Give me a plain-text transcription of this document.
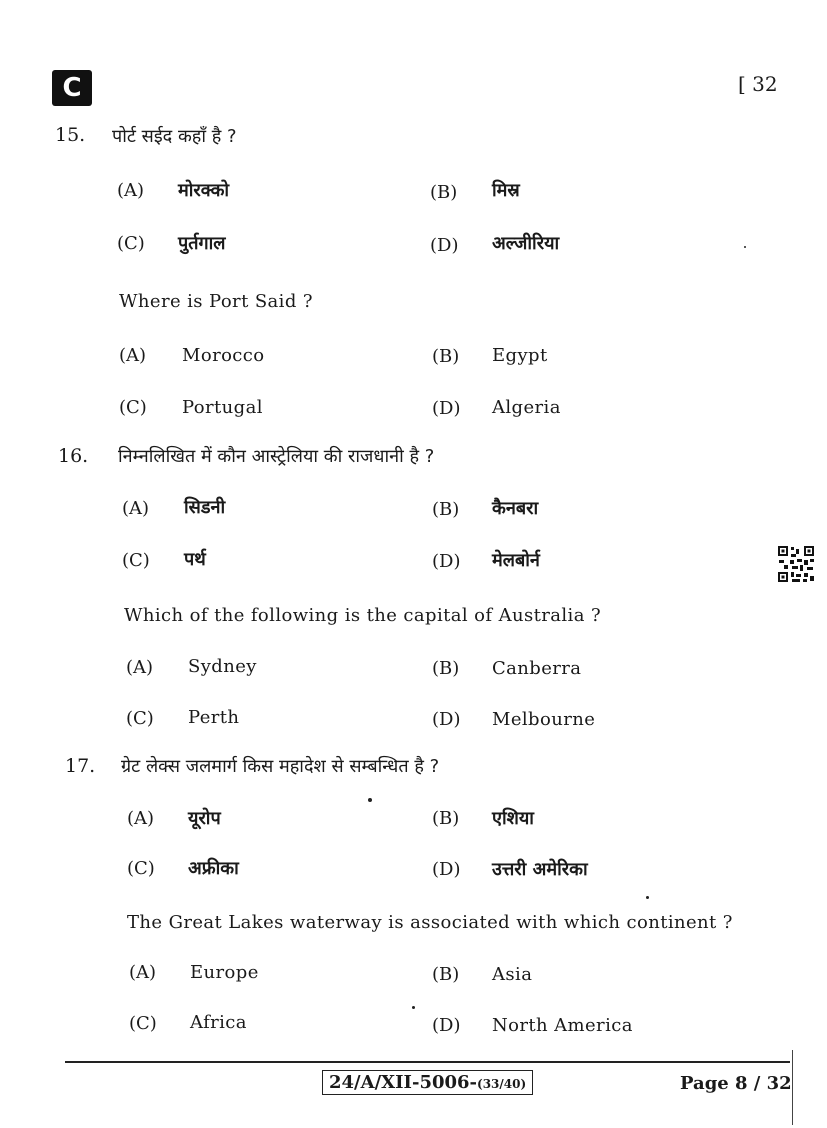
C	[ 32
15. पोर्ट सईद कहाँ है ?
(A) मोरक्को	(B) मिस्र
(C) पुर्तगाल	(D) अल्जीरिया
Where is Port Said ?
(A) Morocco	(B) Egypt
(C) Portugal	(D) Algeria
16. निम्नलिखित में कौन आस्ट्रेलिया की राजधानी है ?
(A) सिडनी	(B) कैनबरा
(C) पर्थ	(D) मेलबोर्न
Which of the following is the capital of Australia ?
(A) Sydney	(B) Canberra
(C) Perth	(D) Melbourne
17. ग्रेट लेक्स जलमार्ग किस महादेश से सम्बन्धित है ?
(A) यूरोप	(B) एशिया
(C) अफ्रीका	(D) उत्तरी अमेरिका
The Great Lakes waterway is associated with which continent ?
(A) Europe	(B) Asia
(C) Africa	(D) North America
24/A/XII-5006-(33/40)	Page 8 / 32
